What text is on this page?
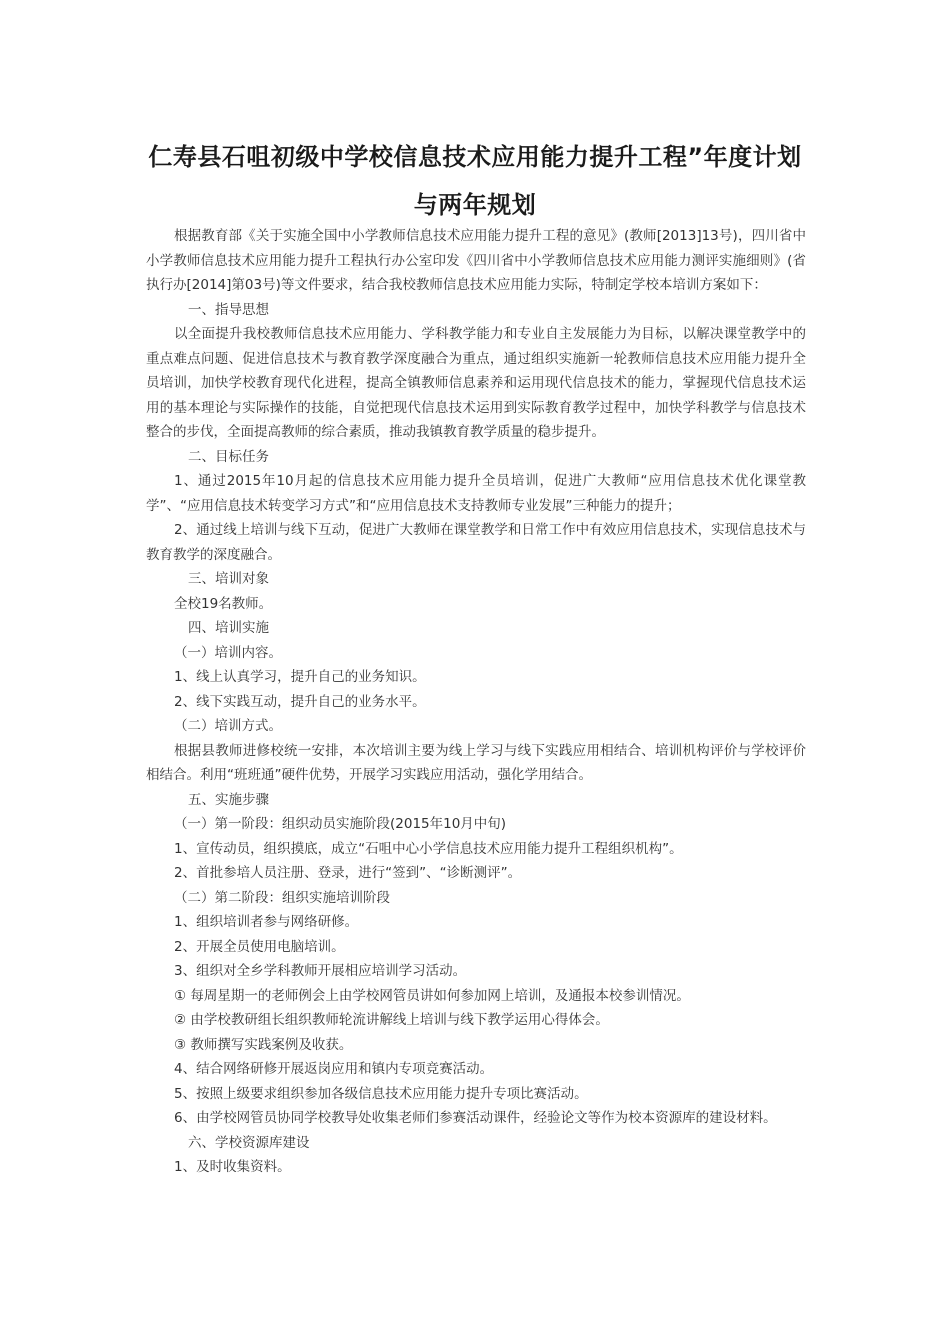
仁寿县石咀初级中学校信息技术应用能力提升工程”年度计划
与两年规划

根据教育部《关于实施全国中小学教师信息技术应用能力提升工程的意见》(教师[2013]13号)，四川省中小学教师信息技术应用能力提升工程执行办公室印发《四川省中小学教师信息技术应用能力测评实施细则》(省执行办[2014]第03号)等文件要求，结合我校教师信息技术应用能力实际，特制定学校本培训方案如下：

一、指导思想

以全面提升我校教师信息技术应用能力、学科教学能力和专业自主发展能力为目标，以解决课堂教学中的重点难点问题、促进信息技术与教育教学深度融合为重点，通过组织实施新一轮教师信息技术应用能力提升全员培训，加快学校教育现代化进程，提高全镇教师信息素养和运用现代信息技术的能力，掌握现代信息技术运用的基本理论与实际操作的技能，自觉把现代信息技术运用到实际教育教学过程中，加快学科教学与信息技术整合的步伐，全面提高教师的综合素质，推动我镇教育教学质量的稳步提升。

二、目标任务

1、通过2015年10月起的信息技术应用能力提升全员培训，促进广大教师“应用信息技术优化课堂教学”、“应用信息技术转变学习方式”和“应用信息技术支持教师专业发展”三种能力的提升；

2、通过线上培训与线下互动，促进广大教师在课堂教学和日常工作中有效应用信息技术，实现信息技术与教育教学的深度融合。

三、培训对象

全校19名教师。

四、培训实施

（一）培训内容。

1、线上认真学习，提升自己的业务知识。

2、线下实践互动，提升自己的业务水平。

（二）培训方式。

根据县教师进修校统一安排，本次培训主要为线上学习与线下实践应用相结合、培训机构评价与学校评价相结合。利用“班班通”硬件优势，开展学习实践应用活动，强化学用结合。

五、实施步骤

（一）第一阶段：组织动员实施阶段(2015年10月中旬)

1、宣传动员，组织摸底，成立“石咀中心小学信息技术应用能力提升工程组织机构”。

2、首批参培人员注册、登录，进行“签到”、“诊断测评”。

（二）第二阶段：组织实施培训阶段

1、组织培训者参与网络研修。

2、开展全员使用电脑培训。

3、组织对全乡学科教师开展相应培训学习活动。

① 每周星期一的老师例会上由学校网管员讲如何参加网上培训，及通报本校参训情况。

② 由学校教研组长组织教师轮流讲解线上培训与线下教学运用心得体会。

③ 教师撰写实践案例及收获。

4、结合网络研修开展返岗应用和镇内专项竞赛活动。

5、按照上级要求组织参加各级信息技术应用能力提升专项比赛活动。

6、由学校网管员协同学校教导处收集老师们参赛活动课件，经验论文等作为校本资源库的建设材料。

六、学校资源库建设

1、及时收集资料。
